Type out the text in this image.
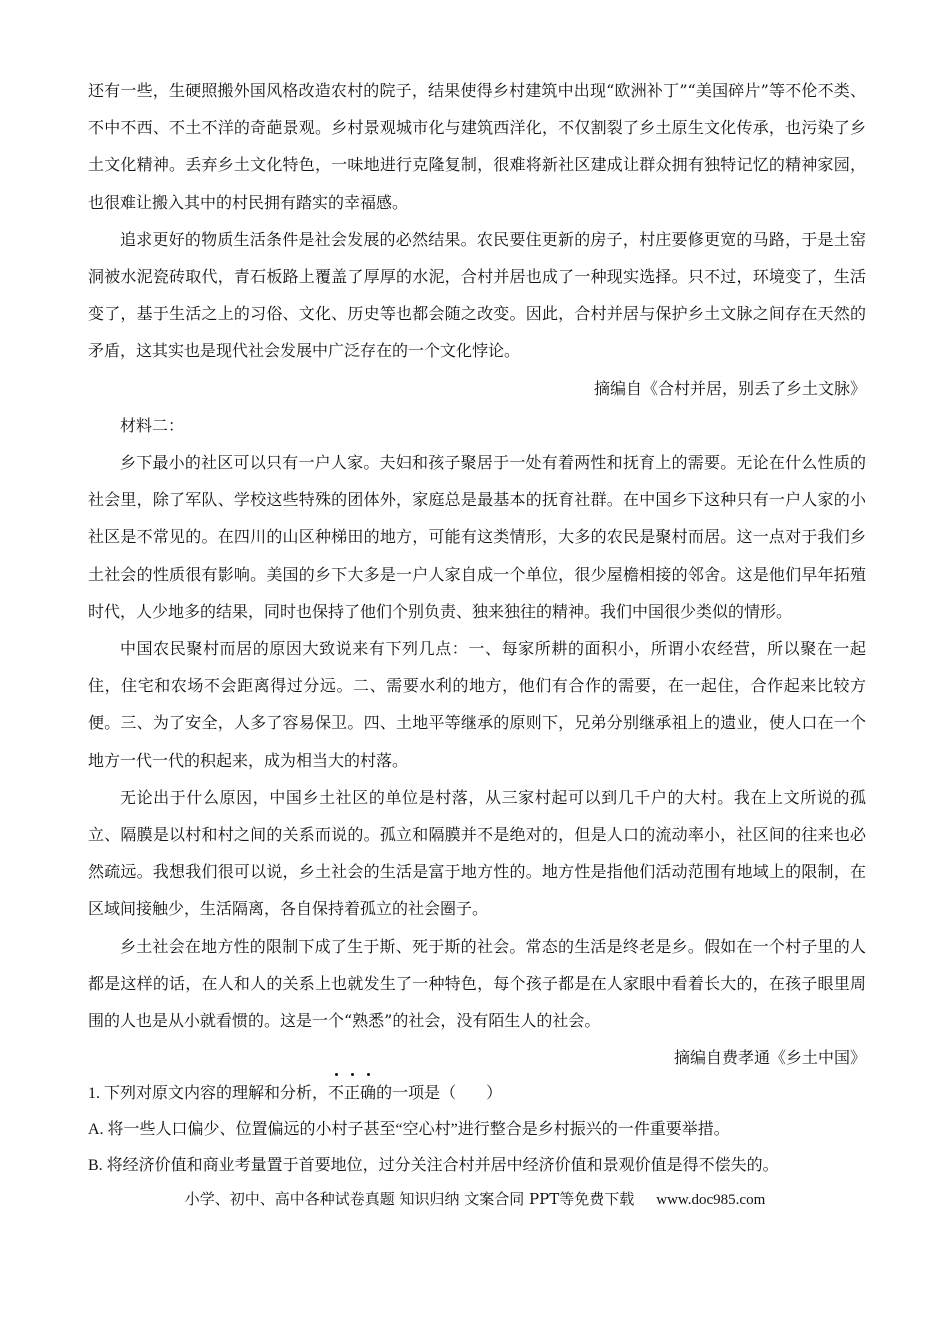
还有一些，生硬照搬外国风格改造农村的院子，结果使得乡村建筑中出现“欧洲补丁”“美国碎片”等不伦不类、不中不西、不土不洋的奇葩景观。乡村景观城市化与建筑西洋化，不仅割裂了乡土原生文化传承，也污染了乡土文化精神。丢弃乡土文化特色，一味地进行克隆复制，很难将新社区建成让群众拥有独特记忆的精神家园，也很难让搬入其中的村民拥有踏实的幸福感。

追求更好的物质生活条件是社会发展的必然结果。农民要住更新的房子，村庄要修更宽的马路，于是土窑洞被水泥瓷砖取代，青石板路上覆盖了厚厚的水泥，合村并居也成了一种现实选择。只不过，环境变了，生活变了，基于生活之上的习俗、文化、历史等也都会随之改变。因此，合村并居与保护乡土文脉之间存在天然的矛盾，这其实也是现代社会发展中广泛存在的一个文化悖论。

摘编自《合村并居，别丢了乡土文脉》

材料二：

乡下最小的社区可以只有一户人家。夫妇和孩子聚居于一处有着两性和抚育上的需要。无论在什么性质的社会里，除了军队、学校这些特殊的团体外，家庭总是最基本的抚育社群。在中国乡下这种只有一户人家的小社区是不常见的。在四川的山区种梯田的地方，可能有这类情形，大多的农民是聚村而居。这一点对于我们乡土社会的性质很有影响。美国的乡下大多是一户人家自成一个单位，很少屋檐相接的邻舍。这是他们早年拓殖时代，人少地多的结果，同时也保持了他们个别负责、独来独往的精神。我们中国很少类似的情形。

中国农民聚村而居的原因大致说来有下列几点：一、每家所耕的面积小，所谓小农经营，所以聚在一起住，住宅和农场不会距离得过分远。二、需要水利的地方，他们有合作的需要，在一起住，合作起来比较方便。三、为了安全，人多了容易保卫。四、土地平等继承的原则下，兄弟分别继承祖上的遗业，使人口在一个地方一代一代的积起来，成为相当大的村落。

无论出于什么原因，中国乡土社区的单位是村落，从三家村起可以到几千户的大村。我在上文所说的孤立、隔膜是以村和村之间的关系而说的。孤立和隔膜并不是绝对的，但是人口的流动率小，社区间的往来也必然疏远。我想我们很可以说，乡土社会的生活是富于地方性的。地方性是指他们活动范围有地域上的限制，在区域间接触少，生活隔离，各自保持着孤立的社会圈子。

乡土社会在地方性的限制下成了生于斯、死于斯的社会。常态的生活是终老是乡。假如在一个村子里的人都是这样的话，在人和人的关系上也就发生了一种特色，每个孩子都是在人家眼中看着长大的，在孩子眼里周围的人也是从小就看惯的。这是一个“熟悉”的社会，没有陌生人的社会。

摘编自费孝通《乡土中国》

1. 下列对原文内容的理解和分析，不正确的一项是（ ）

A. 将一些人口偏少、位置偏远的小村子甚至“空心村”进行整合是乡村振兴的一件重要举措。

B. 将经济价值和商业考量置于首要地位，过分关注合村并居中经济价值和景观价值是得不偿失的。

小学、初中、高中各种试卷真题 知识归纳 文案合同 PPT等免费下载 www.doc985.com
